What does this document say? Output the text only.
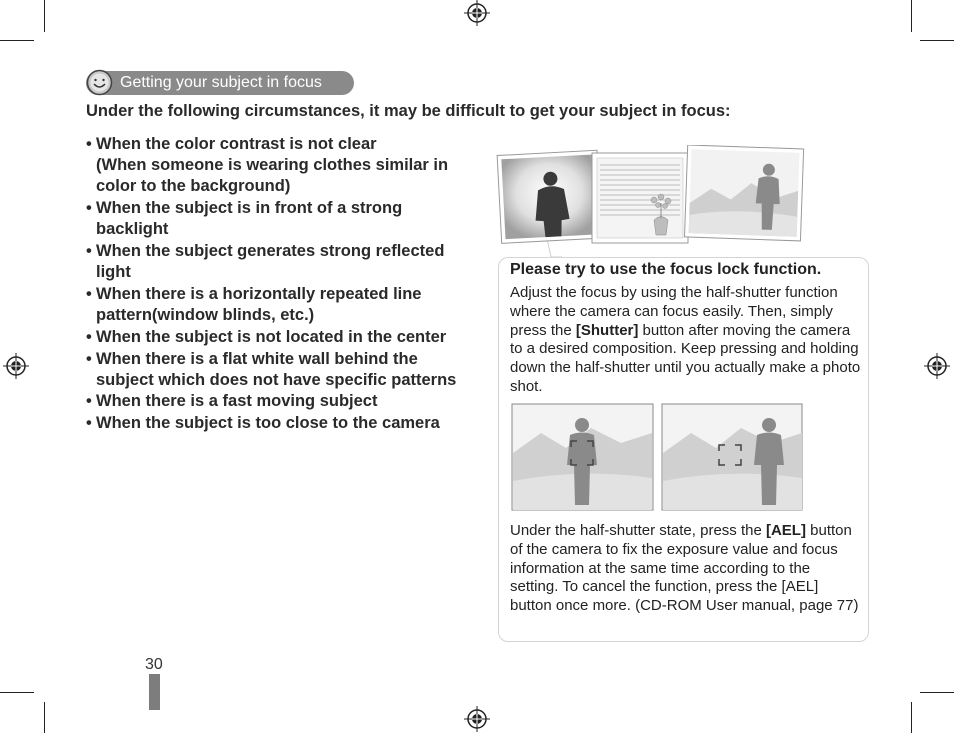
Getting your subject in focus
Under the following circumstances, it may be difficult to get your subject in focus:
• When the color contrast is not clear
(When someone is wearing clothes similar in
color to the background)
• When the subject is in front of a strong
backlight
• When the subject generates strong reflected
light
• When there is a horizontally repeated line
pattern(window blinds, etc.)
• When the subject is not located in the center
• When there is a flat white wall behind the
subject which does not have specific patterns
• When there is a fast moving subject
• When the subject is too close to the camera
Please try to use the focus lock function.
Adjust the focus by using the half-shutter function where the camera can focus easily. Then, simply press the [Shutter] button after moving the camera to a desired composition. Keep pressing and holding down the half-shutter until you actually make a photo shot.
Under the half-shutter state, press the [AEL] button of the camera to fix the exposure value and focus information at the same time according to the setting. To cancel the function, press the [AEL] button once more. (CD-ROM User manual, page 77)
30
